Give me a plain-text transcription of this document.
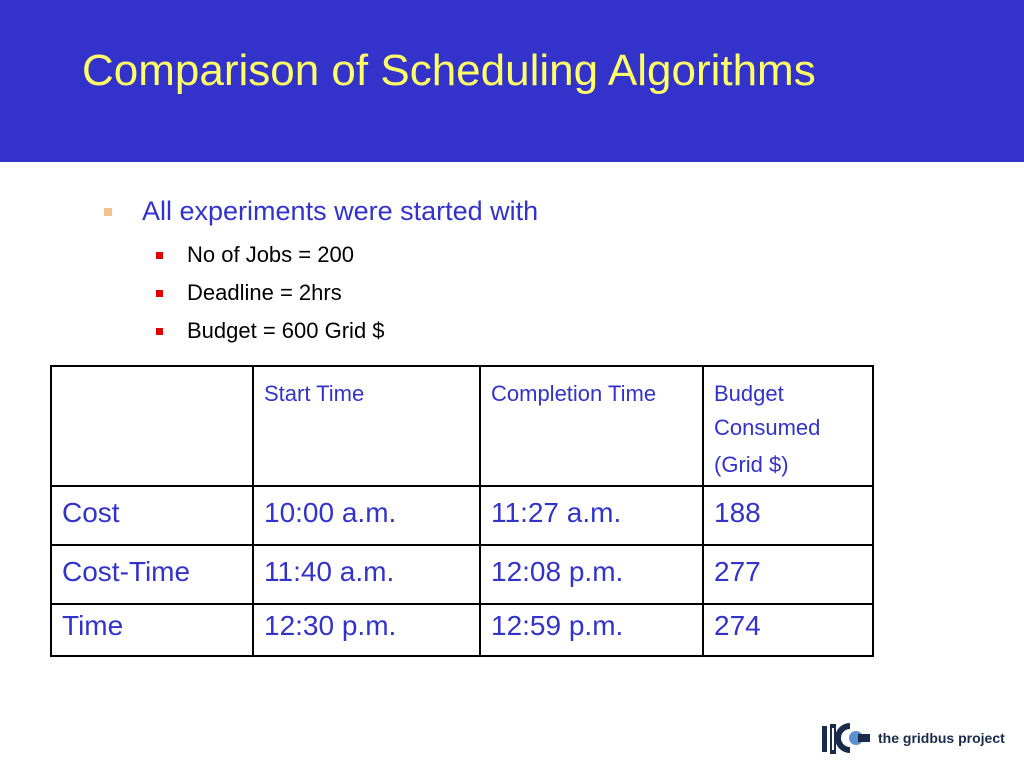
Comparison of Scheduling Algorithms
All experiments were started with
No of Jobs = 200
Deadline = 2hrs
Budget = 600 Grid $

	Start Time	Completion Time	Budget Consumed
(Grid $)

Cost	10:00 a.m.	11:27 a.m.	188
Cost-Time	11:40 a.m.	12:08 p.m.	277
Time	12:30 p.m.	12:59 p.m.	274
the gridbus project
